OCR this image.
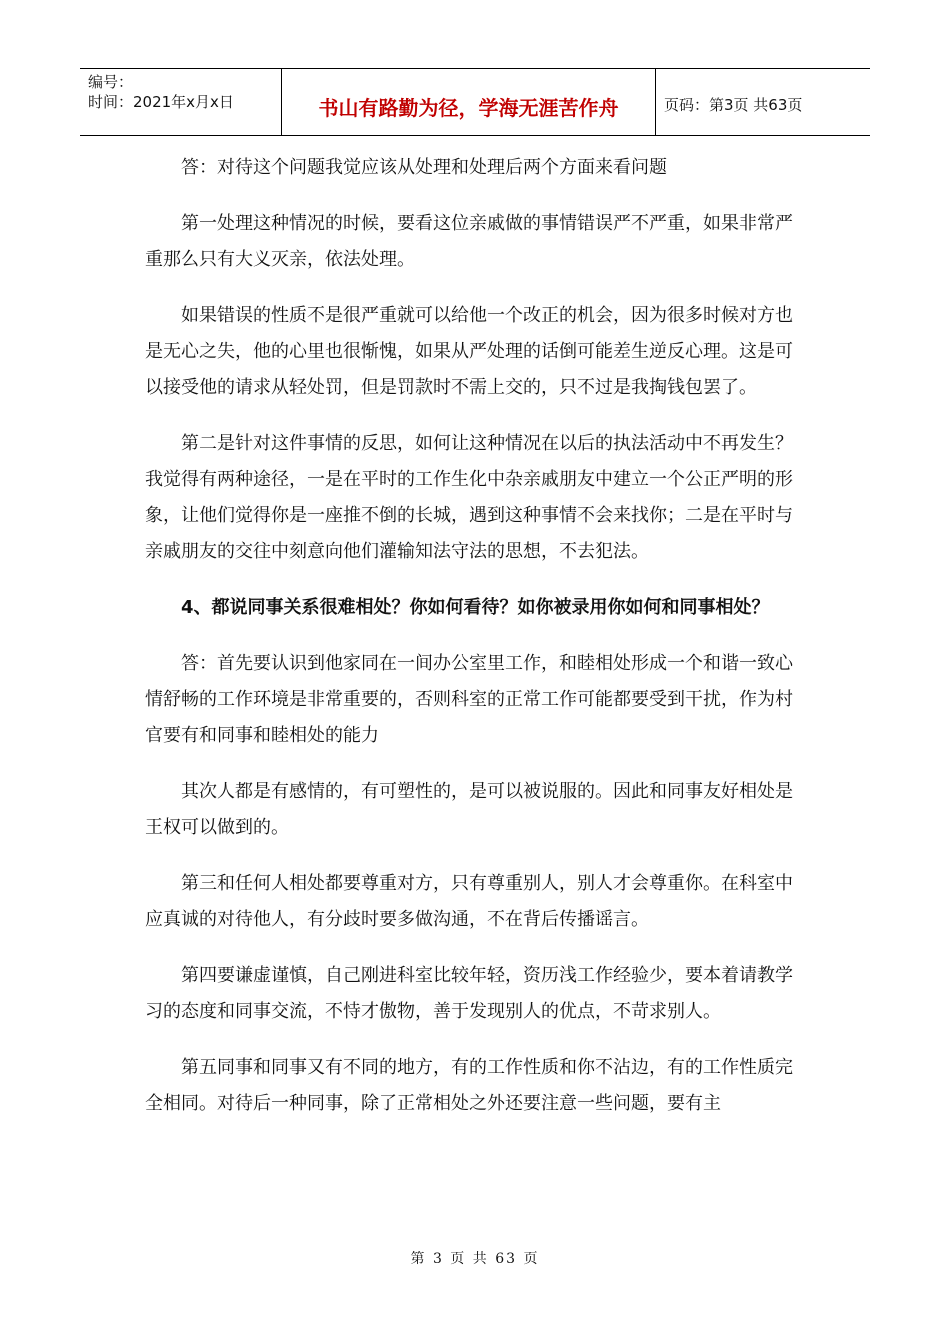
编号：
时间：2021年x月x日	书山有路勤为径，学海无涯苦作舟	页码：第3页 共63页

答：对待这个问题我觉应该从处理和处理后两个方面来看问题

第一处理这种情况的时候，要看这位亲戚做的事情错误严不严重，如果非常严重那么只有大义灭亲，依法处理。

如果错误的性质不是很严重就可以给他一个改正的机会，因为很多时候对方也是无心之失，他的心里也很惭愧，如果从严处理的话倒可能差生逆反心理。这是可以接受他的请求从轻处罚，但是罚款时不需上交的，只不过是我掏钱包罢了。

第二是针对这件事情的反思，如何让这种情况在以后的执法活动中不再发生？我觉得有两种途径，一是在平时的工作生化中杂亲戚朋友中建立一个公正严明的形象，让他们觉得你是一座推不倒的长城，遇到这种事情不会来找你；二是在平时与亲戚朋友的交往中刻意向他们灌输知法守法的思想，不去犯法。

4、都说同事关系很难相处？你如何看待？如你被录用你如何和同事相处？

答：首先要认识到他家同在一间办公室里工作，和睦相处形成一个和谐一致心情舒畅的工作环境是非常重要的，否则科室的正常工作可能都要受到干扰，作为村官要有和同事和睦相处的能力

其次人都是有感情的，有可塑性的，是可以被说服的。因此和同事友好相处是王权可以做到的。

第三和任何人相处都要尊重对方，只有尊重别人，别人才会尊重你。在科室中应真诚的对待他人，有分歧时要多做沟通，不在背后传播谣言。

第四要谦虚谨慎，自己刚进科室比较年轻，资历浅工作经验少，要本着请教学习的态度和同事交流，不恃才傲物，善于发现别人的优点，不苛求别人。

第五同事和同事又有不同的地方，有的工作性质和你不沾边，有的工作性质完全相同。对待后一种同事，除了正常相处之外还要注意一些问题，要有主

第 3 页 共 63 页
